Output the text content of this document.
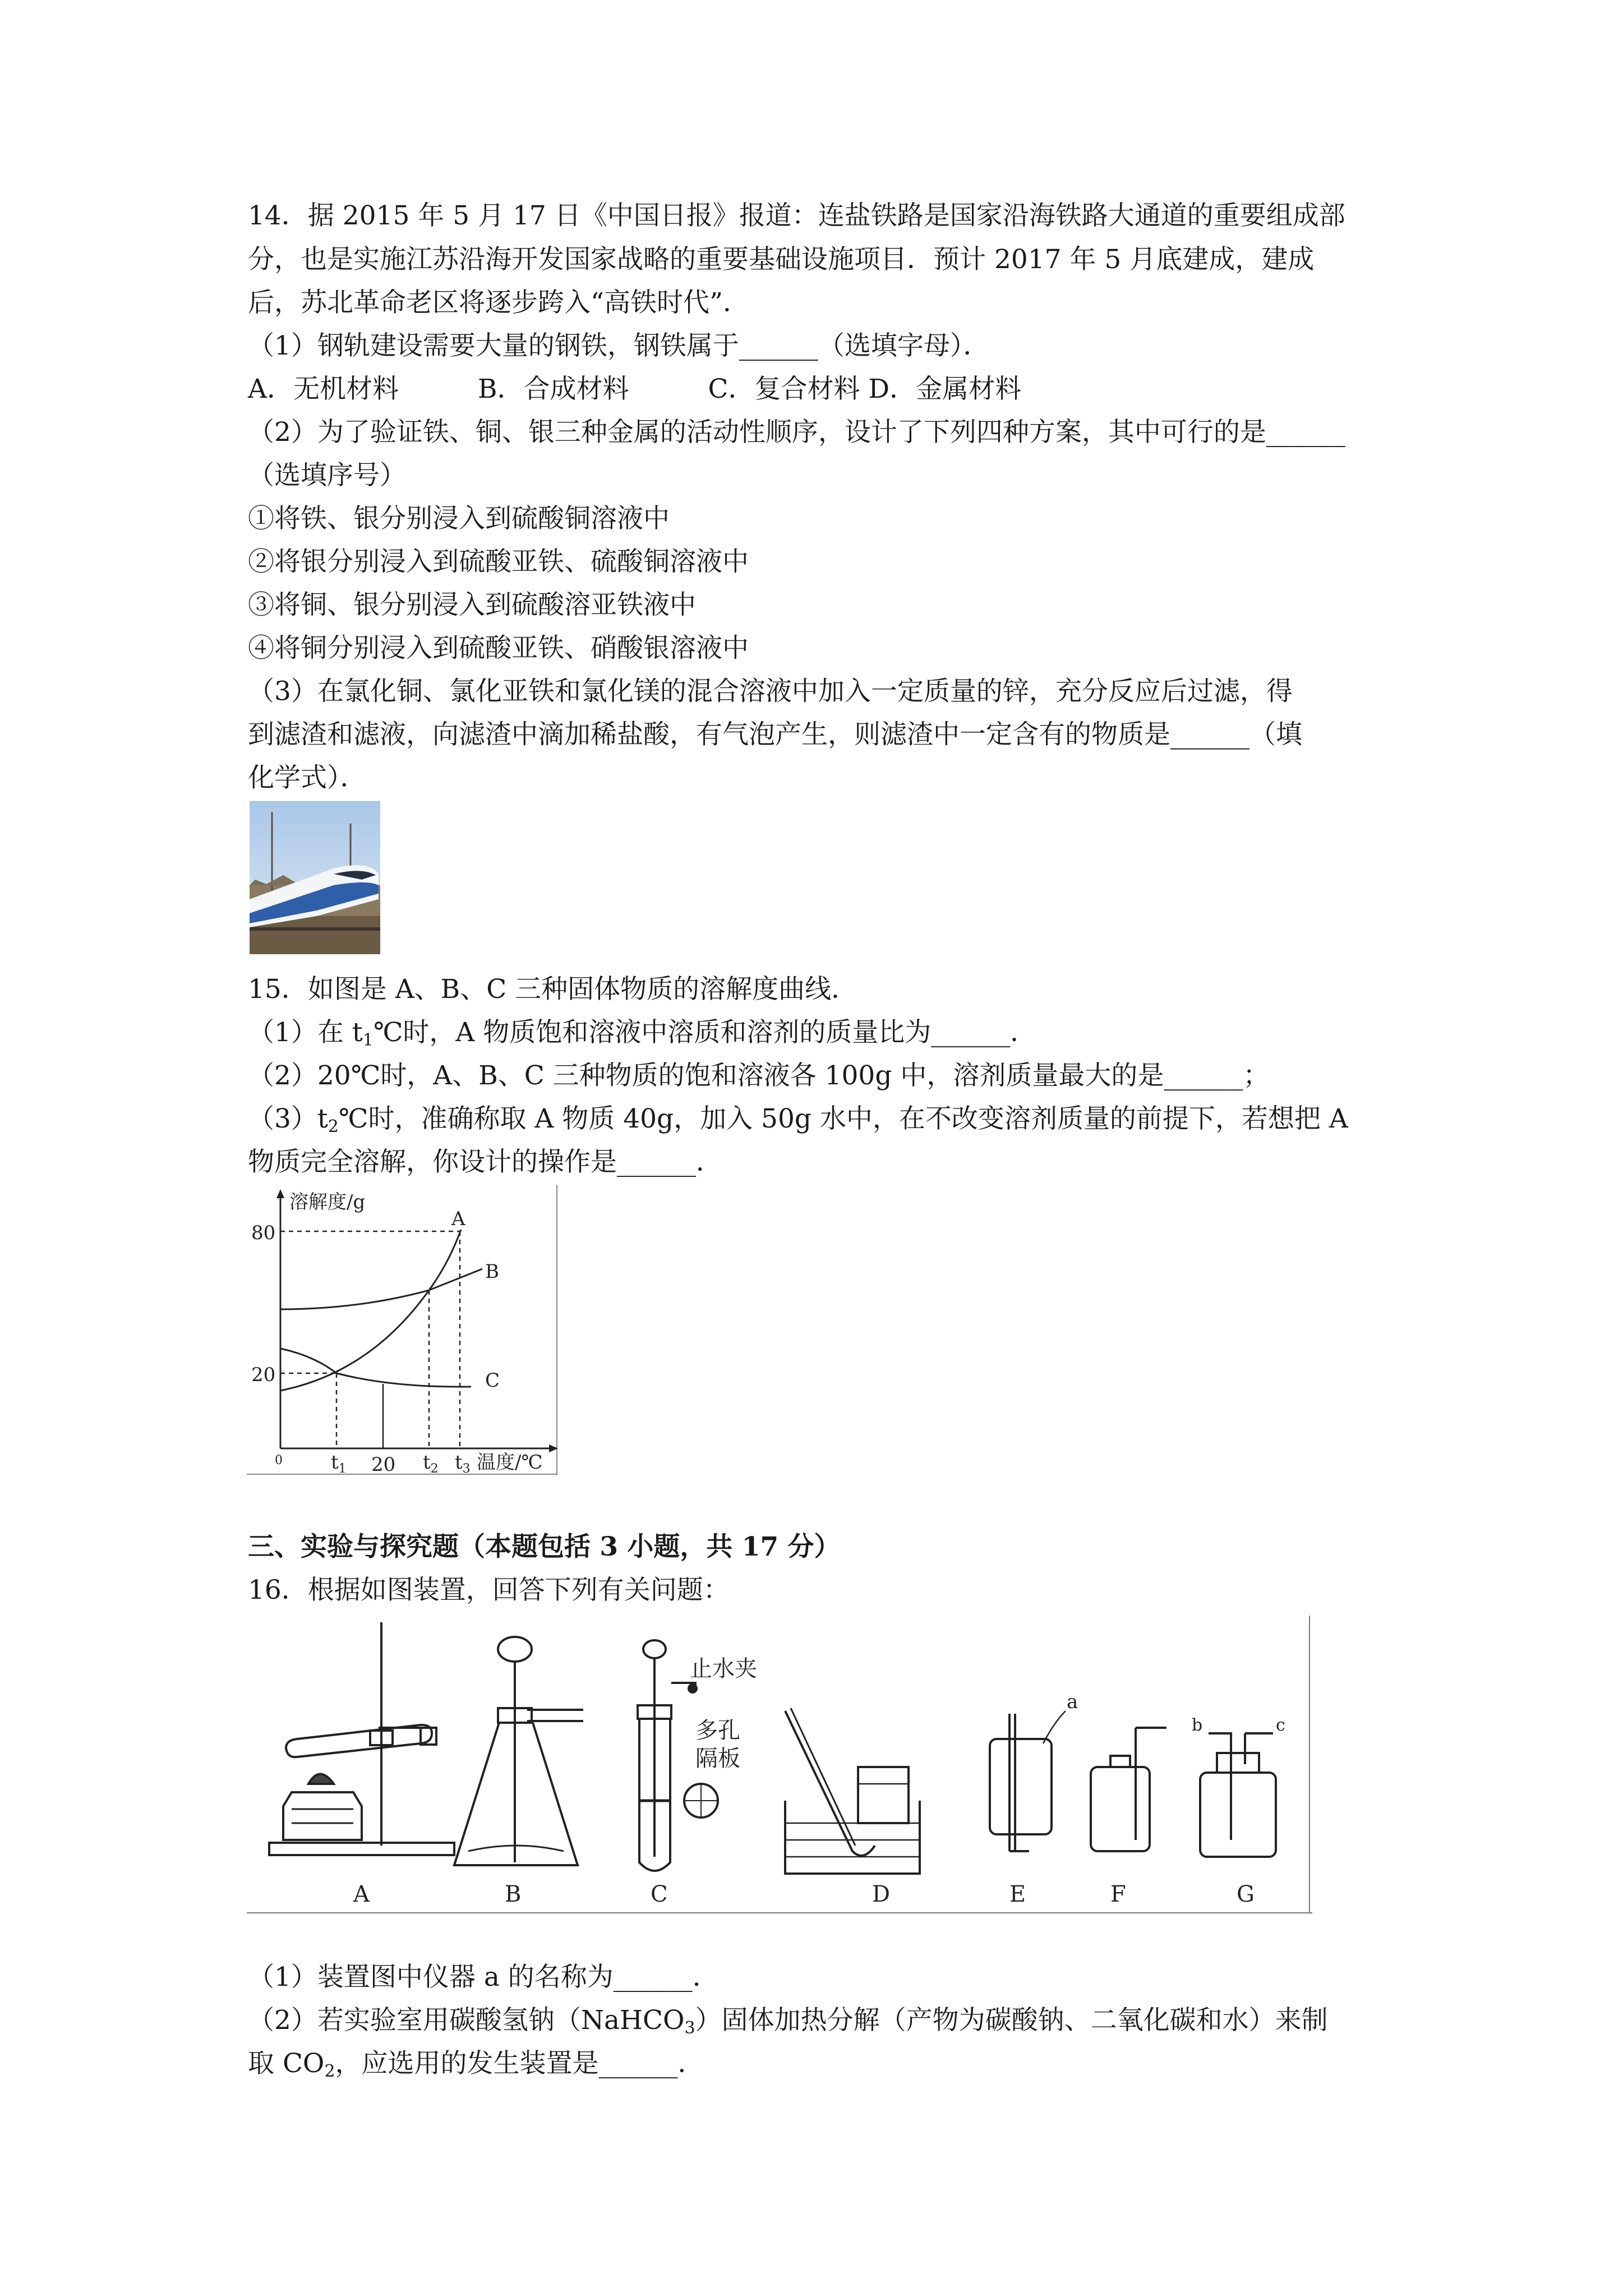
14．据 2015 年 5 月 17 日《中国日报》报道：连盐铁路是国家沿海铁路大通道的重要组成部
分，也是实施江苏沿海开发国家战略的重要基础设施项目．预计 2017 年 5 月底建成，建成
后，苏北革命老区将逐步跨入“高铁时代”．
（1）钢轨建设需要大量的钢铁，钢铁属于______（选填字母）．
A．无机材料　　　B．合成材料　　　C．复合材料 D．金属材料
（2）为了验证铁、铜、银三种金属的活动性顺序，设计了下列四种方案，其中可行的是______
（选填序号）
①将铁、银分别浸入到硫酸铜溶液中
②将银分别浸入到硫酸亚铁、硫酸铜溶液中
③将铜、银分别浸入到硫酸溶亚铁液中
④将铜分别浸入到硫酸亚铁、硝酸银溶液中
（3）在氯化铜、氯化亚铁和氯化镁的混合溶液中加入一定质量的锌，充分反应后过滤，得
到滤渣和滤液，向滤渣中滴加稀盐酸，有气泡产生，则滤渣中一定含有的物质是______（填
化学式）．
15．如图是 A、B、C 三种固体物质的溶解度曲线．
（1）在 $t_1℃$时，A 物质饱和溶液中溶质和溶剂的质量比为______．
（2）20℃时，A、B、C 三种物质的饱和溶液各 100g 中，溶剂质量最大的是______；
$(3)t_2℃$时，准确称取 A 物质 40g，加入 50g 水中，在不改变溶剂质量的前提下，若想把 A
物质完全溶解，你设计的操作是______．
溶解度/g
80
20
0	$t_1$ 20 $t_2$ $t_3$ 温度/℃
A
B
C
三、实验与探究题（本题包括 3 小题，共 17 分）
16．根据如图装置，回答下列有关问题：
止水夹
多孔
隔板
a
b	c
A	B	C	D	E	F	G
（1）装置图中仪器 a 的名称为______．
（2）若实验室用碳酸氢钠（NaHCO$_3$）固体加热分解（产物为碳酸钠、二氧化碳和水）来制
取 $CO_2$，应选用的发生装置是______．
